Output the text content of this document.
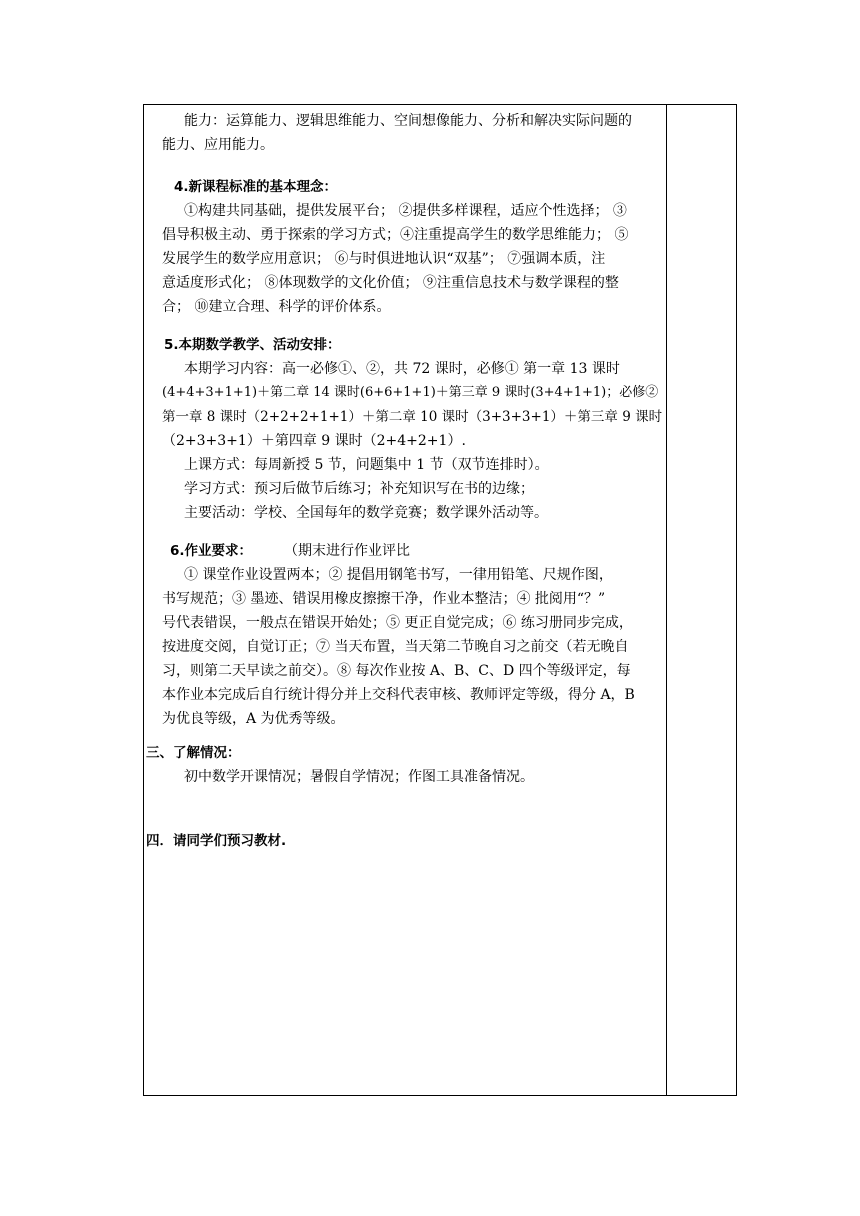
能力：运算能力、逻辑思维能力、空间想像能力、分析和解决实际问题的
能力、应用能力。
4.新课程标准的基本理念：
①构建共同基础，提供发展平台； ②提供多样课程，适应个性选择； ③
倡导积极主动、勇于探索的学习方式；④注重提高学生的数学思维能力； ⑤
发展学生的数学应用意识； ⑥与时俱进地认识“双基”； ⑦强调本质，注
意适度形式化； ⑧体现数学的文化价值； ⑨注重信息技术与数学课程的整
合； ⑩建立合理、科学的评价体系。
5.本期数学教学、活动安排：
本期学习内容：高一必修①、②，共 72 课时，必修① 第一章 13 课时
(4+4+3+1+1)＋第二章 14 课时(6+6+1+1)＋第三章 9 课时(3+4+1+1)；必修②
第一章 8 课时（2+2+2+1+1）＋第二章 10 课时（3+3+3+1）＋第三章 9 课时
（2+3+3+1）＋第四章 9 课时（2+4+2+1）.
上课方式：每周新授 5 节，问题集中 1 节（双节连排时）。
学习方式：预习后做节后练习；补充知识写在书的边缘；
主要活动：学校、全国每年的数学竞赛；数学课外活动等。
6.作业要求： （期末进行作业评比
① 课堂作业设置两本；② 提倡用钢笔书写，一律用铅笔、尺规作图，
书写规范；③ 墨迹、错误用橡皮擦擦干净，作业本整洁；④ 批阅用“？”
号代表错误，一般点在错误开始处；⑤ 更正自觉完成；⑥ 练习册同步完成，
按进度交阅，自觉订正；⑦ 当天布置，当天第二节晚自习之前交（若无晚自
习，则第二天早读之前交）。⑧ 每次作业按 A、B、C、D 四个等级评定，每
本作业本完成后自行统计得分并上交科代表审核、教师评定等级，得分 A，B
为优良等级，A 为优秀等级。
三、了解情况：
初中数学开课情况；暑假自学情况；作图工具准备情况。
四．请同学们预习教材.
